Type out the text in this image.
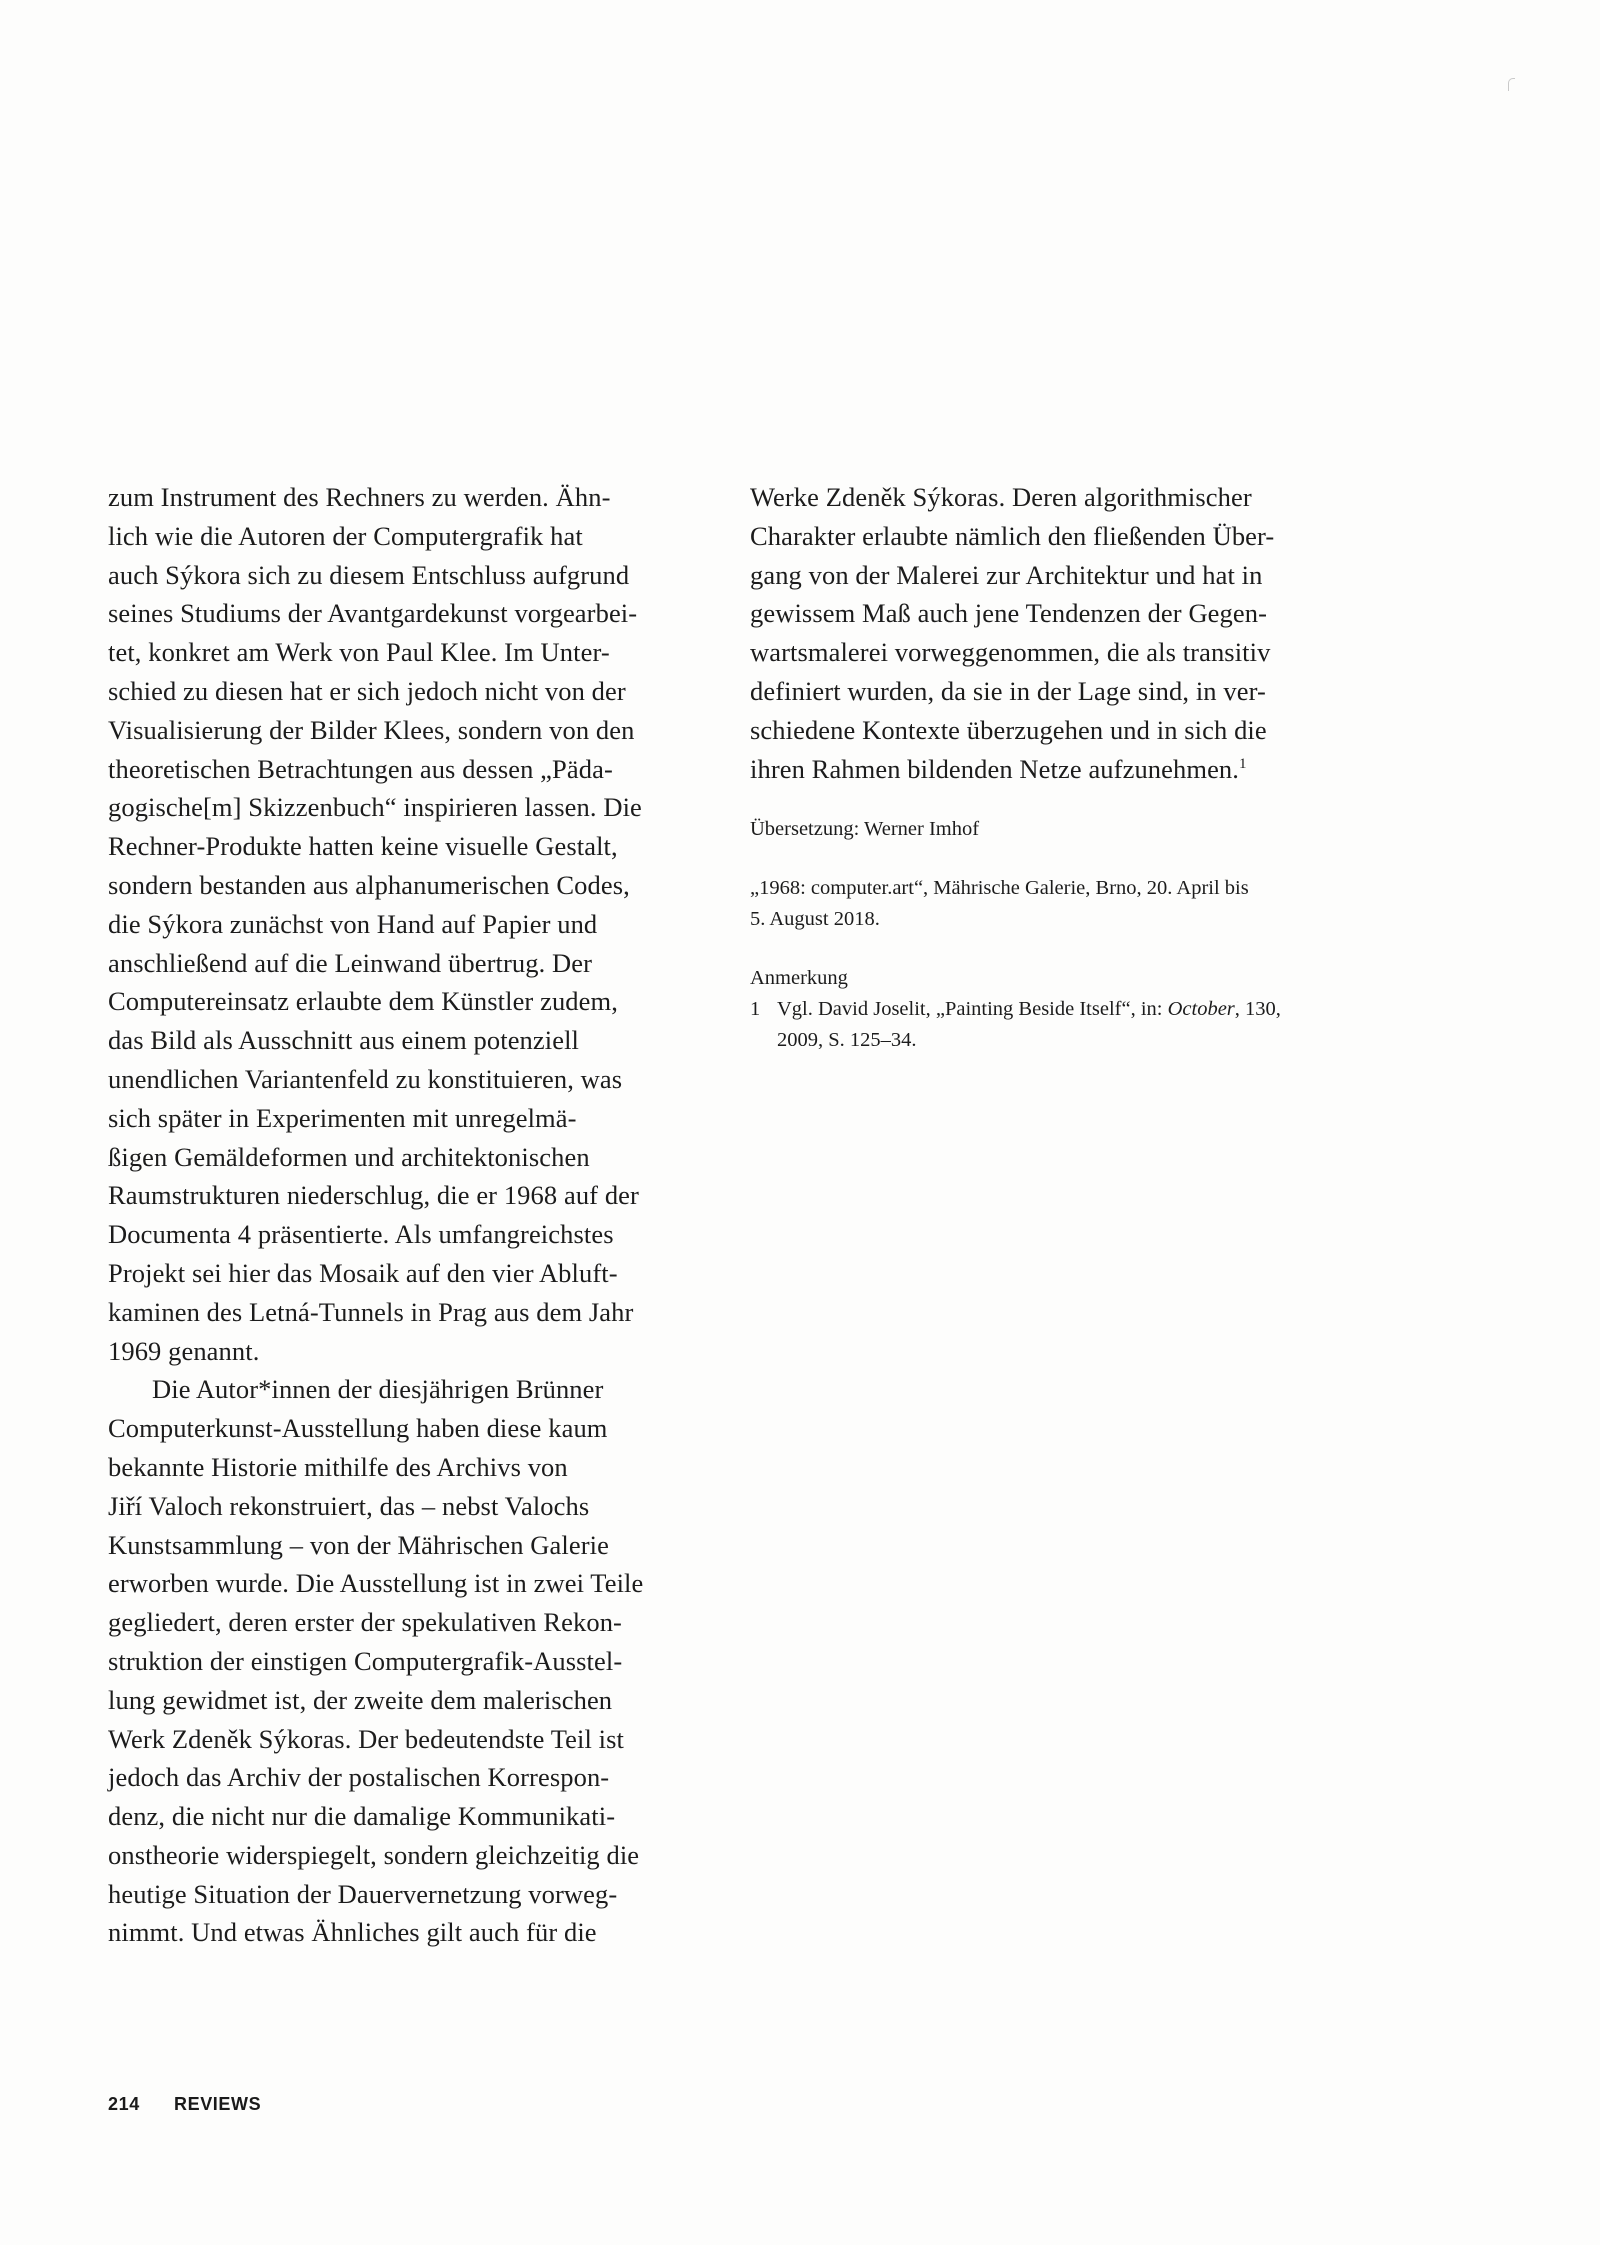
zum Instrument des Rechners zu werden. Ähn-
lich wie die Autoren der Computergrafik hat
auch Sýkora sich zu diesem Entschluss aufgrund
seines Studiums der Avantgardekunst vorgearbei-
tet, konkret am Werk von Paul Klee. Im Unter-
schied zu diesen hat er sich jedoch nicht von der
Visualisierung der Bilder Klees, sondern von den
theoretischen Betrachtungen aus dessen „Päda-
gogische[m] Skizzenbuch“ inspirieren lassen. Die
Rechner-Produkte hatten keine visuelle Gestalt,
sondern bestanden aus alphanumerischen Codes,
die Sýkora zunächst von Hand auf Papier und
anschließend auf die Leinwand übertrug. Der
Computereinsatz erlaubte dem Künstler zudem,
das Bild als Ausschnitt aus einem potenziell
unendlichen Variantenfeld zu konstituieren, was
sich später in Experimenten mit unregelmä-
ßigen Gemäldeformen und architektonischen
Raumstrukturen niederschlug, die er 1968 auf der
Documenta 4 präsentierte. Als umfangreichstes
Projekt sei hier das Mosaik auf den vier Abluft-
kaminen des Letná-Tunnels in Prag aus dem Jahr
1969 genannt.
Die Autor*innen der diesjährigen Brünner
Computerkunst-Ausstellung haben diese kaum
bekannte Historie mithilfe des Archivs von
Jiří Valoch rekonstruiert, das – nebst Valochs
Kunstsammlung – von der Mährischen Galerie
erworben wurde. Die Ausstellung ist in zwei Teile
gegliedert, deren erster der spekulativen Rekon-
struktion der einstigen Computergrafik-Ausstel-
lung gewidmet ist, der zweite dem malerischen
Werk Zdeněk Sýkoras. Der bedeutendste Teil ist
jedoch das Archiv der postalischen Korrespon-
denz, die nicht nur die damalige Kommunikati-
onstheorie widerspiegelt, sondern gleichzeitig die
heutige Situation der Dauervernetzung vorweg-
nimmt. Und etwas Ähnliches gilt auch für die
Werke Zdeněk Sýkoras. Deren algorithmischer
Charakter erlaubte nämlich den fließenden Über-
gang von der Malerei zur Architektur und hat in
gewissem Maß auch jene Tendenzen der Gegen-
wartsmalerei vorweggenommen, die als transitiv
definiert wurden, da sie in der Lage sind, in ver-
schiedene Kontexte überzugehen und in sich die
ihren Rahmen bildenden Netze aufzunehmen.$^1$
Übersetzung: Werner Imhof
„1968: computer.art“, Mährische Galerie, Brno, 20. April bis
5. August 2018.
Anmerkung
1 Vgl. David Joselit, „Painting Beside Itself“, in: October, 130,
2009, S. 125–34.
214 REVIEWS
